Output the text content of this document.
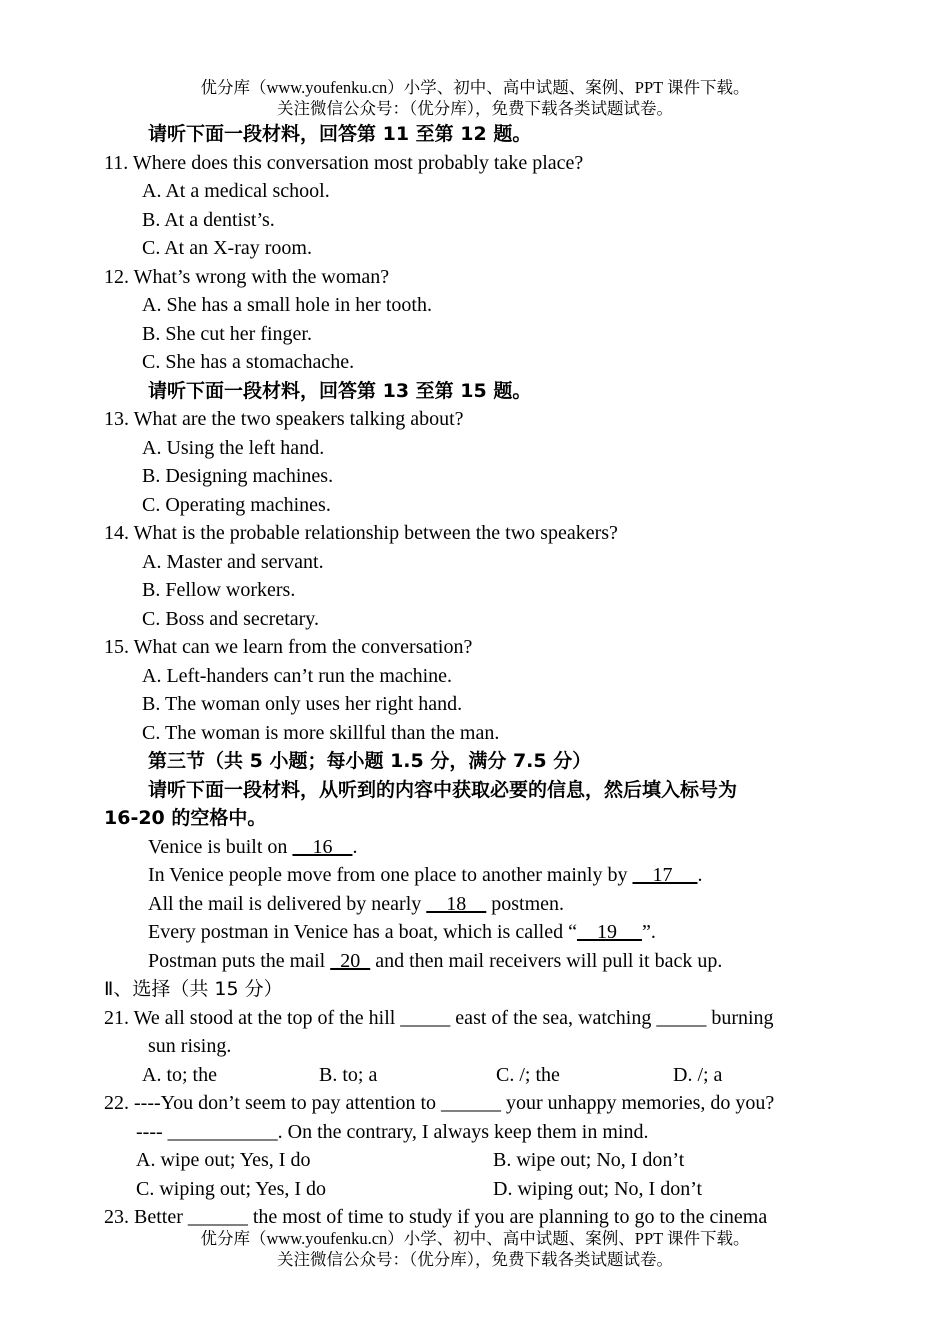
优分库（www.youfenku.cn）小学、初中、高中试题、案例、PPT 课件下载。
关注微信公众号：（优分库），免费下载各类试题试卷。
请听下面一段材料，回答第 11 至第 12 题。
11. Where does this conversation most probably take place?
A. At a medical school.
B. At a dentist’s.
C. At an X-ray room.
12. What’s wrong with the woman?
A. She has a small hole in her tooth.
B. She cut her finger.
C. She has a stomachache.
请听下面一段材料，回答第 13 至第 15 题。
13. What are the two speakers talking about?
A. Using the left hand.
B. Designing machines.
C. Operating machines.
14. What is the probable relationship between the two speakers?
A. Master and servant.
B. Fellow workers.
C. Boss and secretary.
15. What can we learn from the conversation?
A. Left-handers can’t run the machine.
B. The woman only uses her right hand.
C. The woman is more skillful than the man.
第三节（共 5 小题；每小题 1.5 分，满分 7.5 分）
请听下面一段材料，从听到的内容中获取必要的信息，然后填入标号为
16-20 的空格中。
Venice is built on     16    .
In Venice people move from one place to another mainly by     17     .
All the mail is delivered by nearly     18     postmen.
Every postman in Venice has a boat, which is called “    19     ”.
Postman puts the mail   20   and then mail receivers will pull it back up.
Ⅱ、选择（共 15 分）
21. We all stood at the top of the hill _____ east of the sea, watching _____ burning
sun rising.
A. to; the	B. to; a	C. /; the	D. /; a
22. ----You don’t seem to pay attention to ______ your unhappy memories, do you?
---- ___________. On the contrary, I always keep them in mind.
A. wipe out; Yes, I do	B. wipe out; No, I don’t
C. wiping out; Yes, I do	D. wiping out; No, I don’t
23. Better ______ the most of time to study if you are planning to go to the cinema
优分库（www.youfenku.cn）小学、初中、高中试题、案例、PPT 课件下载。
关注微信公众号：（优分库），免费下载各类试题试卷。
